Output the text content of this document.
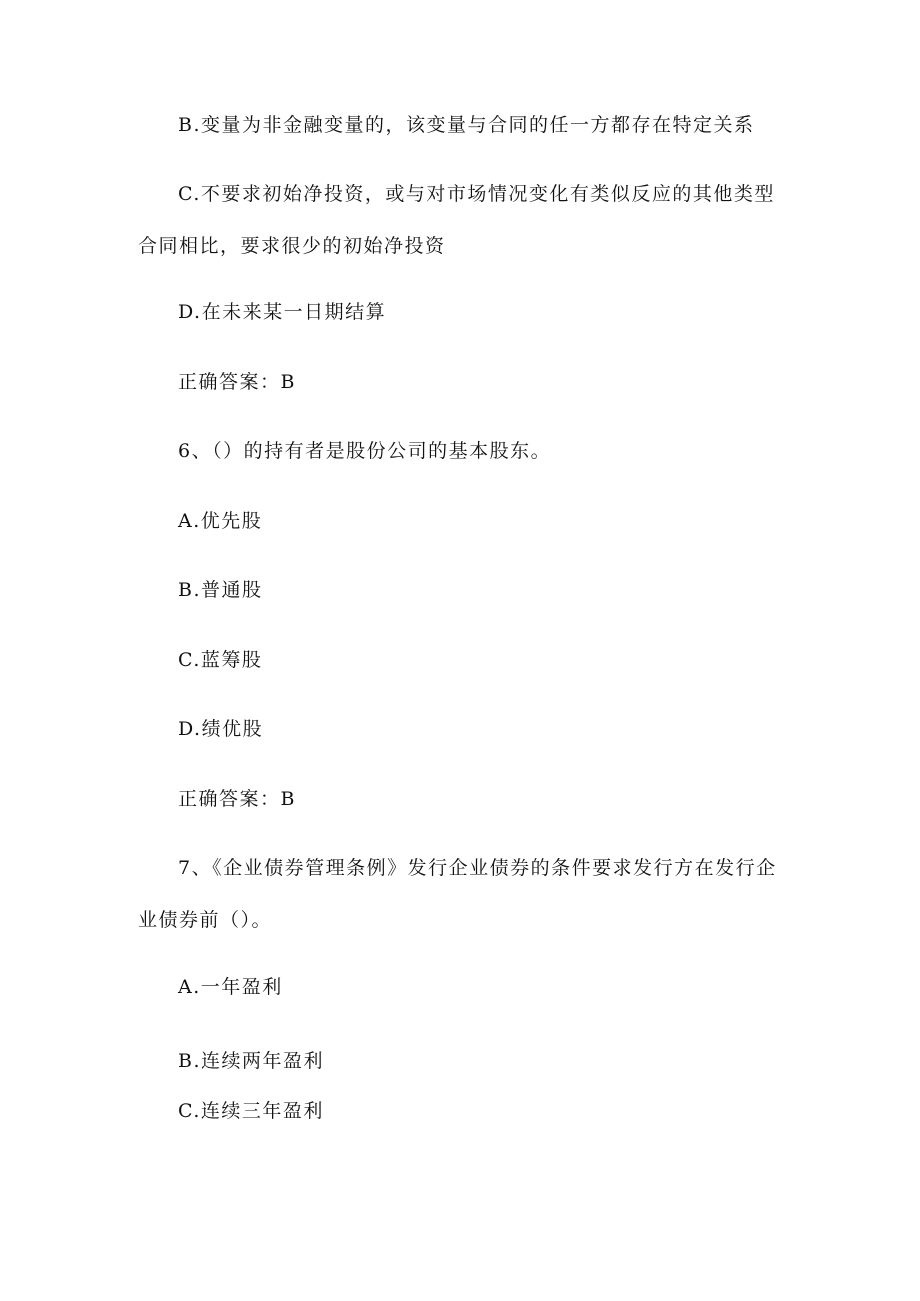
B.变量为非金融变量的，该变量与合同的任一方都存在特定关系
C.不要求初始净投资，或与对市场情况变化有类似反应的其他类型
合同相比，要求很少的初始净投资
D.在未来某一日期结算
正确答案：B
6、（）的持有者是股份公司的基本股东。
A.优先股
B.普通股
C.蓝筹股
D.绩优股
正确答案：B
7、《企业债券管理条例》发行企业债券的条件要求发行方在发行企
业债券前（）。
A.一年盈利
B.连续两年盈利
C.连续三年盈利
